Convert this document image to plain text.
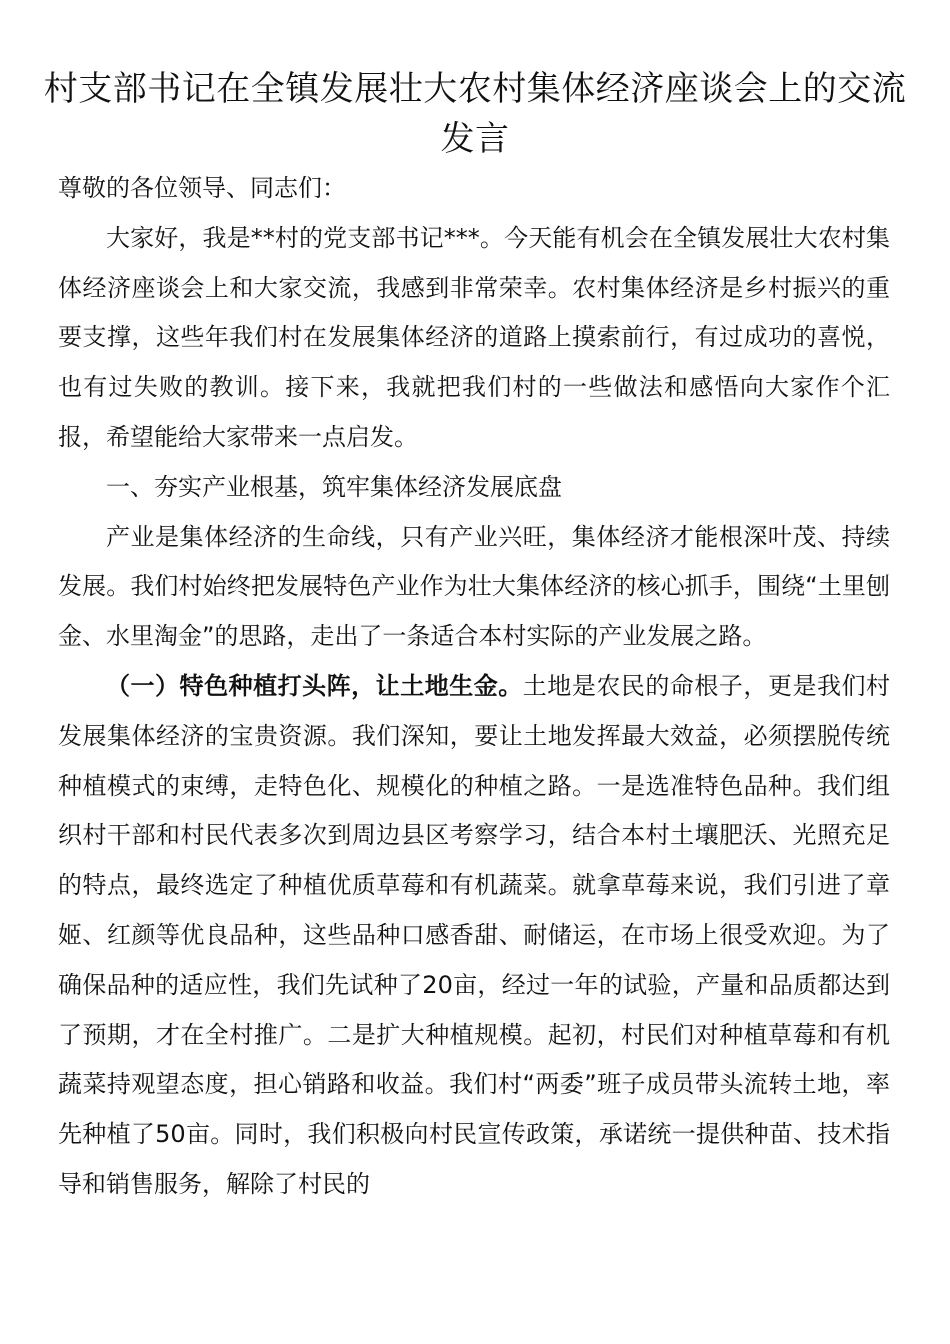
村支部书记在全镇发展壮大农村集体经济座谈会上的交流发言

尊敬的各位领导、同志们：

大家好，我是**村的党支部书记***。今天能有机会在全镇发展壮大农村集体经济座谈会上和大家交流，我感到非常荣幸。农村集体经济是乡村振兴的重要支撑，这些年我们村在发展集体经济的道路上摸索前行，有过成功的喜悦，也有过失败的教训。接下来，我就把我们村的一些做法和感悟向大家作个汇报，希望能给大家带来一点启发。

一、夯实产业根基，筑牢集体经济发展底盘

产业是集体经济的生命线，只有产业兴旺，集体经济才能根深叶茂、持续发展。我们村始终把发展特色产业作为壮大集体经济的核心抓手，围绕“土里刨金、水里淘金”的思路，走出了一条适合本村实际的产业发展之路。

（一）特色种植打头阵，让土地生金。土地是农民的命根子，更是我们村发展集体经济的宝贵资源。我们深知，要让土地发挥最大效益，必须摆脱传统种植模式的束缚，走特色化、规模化的种植之路。一是选准特色品种。我们组织村干部和村民代表多次到周边县区考察学习，结合本村土壤肥沃、光照充足的特点，最终选定了种植优质草莓和有机蔬菜。就拿草莓来说，我们引进了章姬、红颜等优良品种，这些品种口感香甜、耐储运，在市场上很受欢迎。为了确保品种的适应性，我们先试种了20亩，经过一年的试验，产量和品质都达到了预期，才在全村推广。二是扩大种植规模。起初，村民们对种植草莓和有机蔬菜持观望态度，担心销路和收益。我们村“两委”班子成员带头流转土地，率先种植了50亩。同时，我们积极向村民宣传政策，承诺统一提供种苗、技术指导和销售服务，解除了村民的
